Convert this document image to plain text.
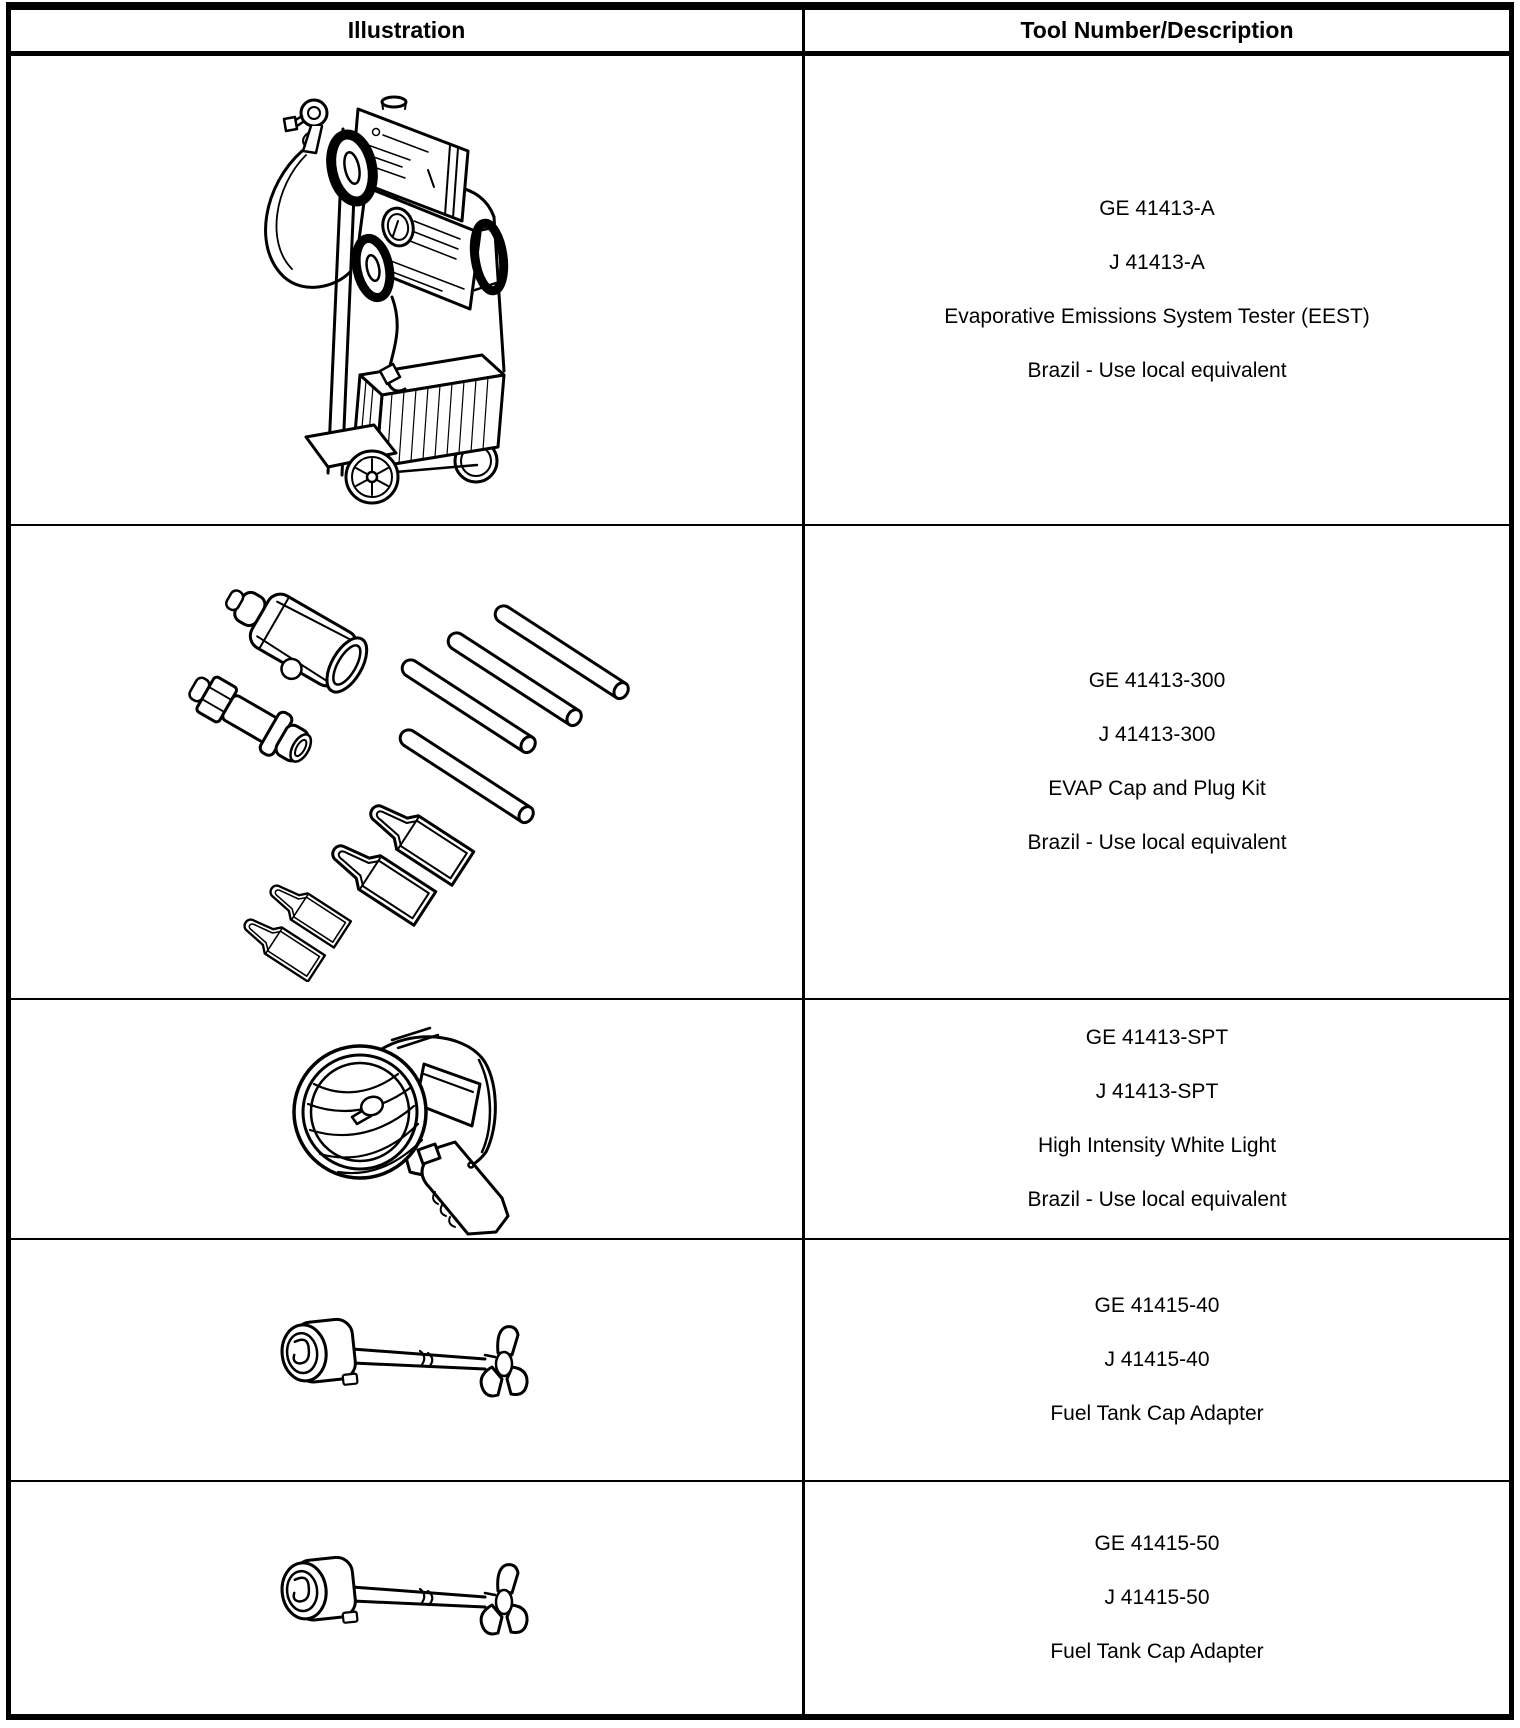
Illustration	Tool Number/Description
GE 41413-A
J 41413-A
Evaporative Emissions System Tester (EEST)
Brazil - Use local equivalent
GE 41413-300
J 41413-300
EVAP Cap and Plug Kit
Brazil - Use local equivalent
GE 41413-SPT
J 41413-SPT
High Intensity White Light
Brazil - Use local equivalent
GE 41415-40
J 41415-40
Fuel Tank Cap Adapter
GE 41415-50
J 41415-50
Fuel Tank Cap Adapter
